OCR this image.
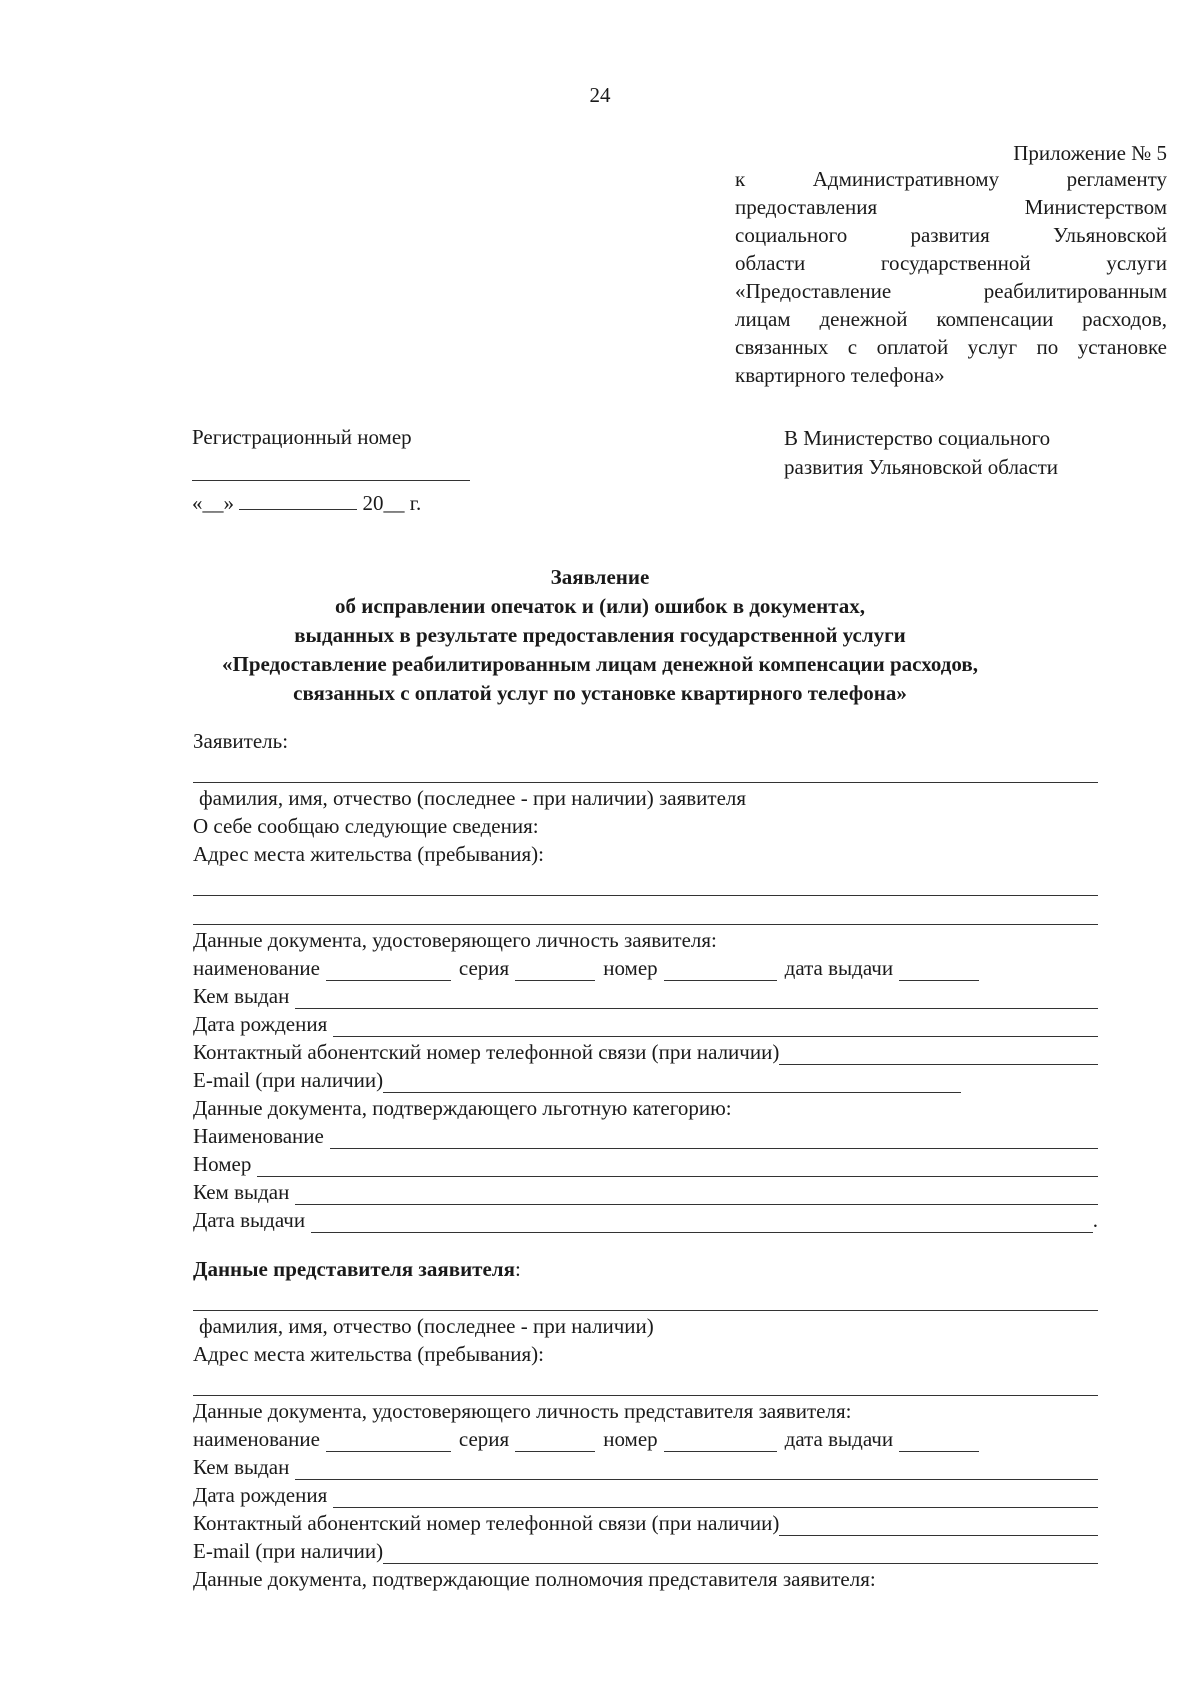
24
Приложение № 5
к Административному регламенту
предоставления Министерством
социального развития Ульяновской
области государственной услуги
«Предоставление реабилитированным
лицам денежной компенсации расходов,
связанных с оплатой услуг по установке
квартирного телефона»
Регистрационный номер
«__»	20__ г.
В Министерство социального
развития Ульяновской области
Заявление
об исправлении опечаток и (или) ошибок в документах,
выданных в результате предоставления государственной услуги
«Предоставление реабилитированным лицам денежной компенсации расходов,
связанных с оплатой услуг по установке квартирного телефона»
Заявитель:
фамилия, имя, отчество (последнее - при наличии) заявителя
О себе сообщаю следующие сведения:
Адрес места жительства (пребывания):
Данные документа, удостоверяющего личность заявителя:
наименование	серия	номер	дата выдачи
Кем выдан
Дата рождения
Контактный абонентский номер телефонной связи (при наличии)
E-mail (при наличии)
Данные документа, подтверждающего льготную категорию:
Наименование
Номер
Кем выдан
Дата выдачи	.
Данные представителя заявителя :
фамилия, имя, отчество (последнее - при наличии)
Адрес места жительства (пребывания):
Данные документа, удостоверяющего личность представителя заявителя:
наименование	серия	номер	дата выдачи
Кем выдан
Дата рождения
Контактный абонентский номер телефонной связи (при наличии)
E-mail (при наличии)
Данные документа, подтверждающие полномочия представителя заявителя:
